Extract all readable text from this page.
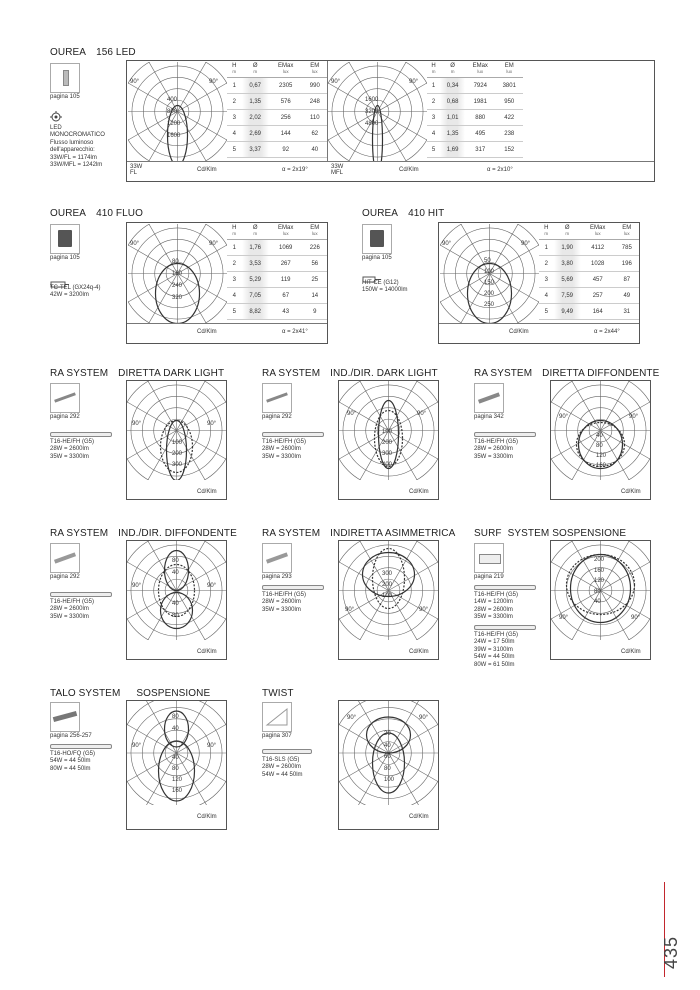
OUREA 156 LED
pagina 105
LED
MONOCROMATICO
Flusso luminoso
dell'apparecchio:
33W/FL = 1174lm
33W/MFL = 1242lm
90°	90°
400
800
1200
1600
H
m	Ø
m	EMax
lux	EM
lux

1	0,67	2305	990
2	1,35	576	248
3	2,02	256	110
4	2,69	144	62
5	3,37	92	40
90°	90°
1600
3200
4800
H
m	Ø
m	EMax
lux	EM
lux

1	0,34	7924	3801
2	0,68	1981	950
3	1,01	880	422
4	1,35	495	238
5	1,69	317	152
33W
FL	Cd/Klm	α = 2x19°	33W
MFL	Cd/Klm	α = 2x10°
OUREA 410 FLUO
pagina 105
TC-TEL (GX24q-4)
42W = 3200lm
90°	90°
80
160
240
320
H
m	Ø
m	EMax
lux	EM
lux

1	1,76	1069	226
2	3,53	267	56
3	5,29	119	25
4	7,05	67	14
5	8,82	43	9
Cd/Klm	α = 2x41°
OUREA 410 HIT
pagina 105
HIT-CE (G12)
150W = 14000lm
90°	90°
50
100
150
200
250
H
m	Ø
m	EMax
lux	EM
lux

1	1,90	4112	785
2	3,80	1028	196
3	5,69	457	87
4	7,59	257	49
5	9,49	164	31
Cd/Klm	α = 2x44°
RA SYSTEM DIRETTA DARK LIGHT
pagina 292
T16-HE/FH (G5)
28W = 2600lm
35W = 3300lm
90°	90°
100
200
300
Cd/Klm
RA SYSTEM IND./DIR. DARK LIGHT
pagina 292
T16-HE/FH (G5)
28W = 2600lm
35W = 3300lm
90°	90°
100
200
300
400
Cd/Klm
RA SYSTEM DIRETTA DIFFONDENTE
pagina 342
T16-HE/FH (G5)
28W = 2600lm
35W = 3300lm
90°	90°
40
80
120
160
Cd/Klm
RA SYSTEM IND./DIR. DIFFONDENTE
pagina 292
T16-HE/FH (G5)
28W = 2600lm
35W = 3300lm
90°	90°
80
40
40
80
Cd/Klm
RA SYSTEM INDIRETTA ASIMMETRICA
pagina 293
T16-HE/FH (G5)
28W = 2600lm
35W = 3300lm	90°	90°
300
200
100
Cd/Klm
SURF SYSTEM SOSPENSIONE
pagina 219
T16-HE/FH (G5)
14W = 1200lm
28W = 2600lm
35W = 3300lm
T16-HE/FH (G5)
24W = 17 50lm
39W = 3100lm
54W = 44 50lm
80W = 61 50lm
90°	90°
200
160
120
80
40
Cd/Klm
TALO SYSTEM SOSPENSIONE
pagina 256-257
T16-HO/FQ (G5)
54W = 44 50lm
80W = 44 50lm
90°	90°
80
40
40
80
120
160
Cd/Klm
TWIST
pagina 307
T16-SLS (G5)
28W = 2600lm
54W = 44 50lm
90°	90°
20
40
60
80
100
Cd/Klm
435
